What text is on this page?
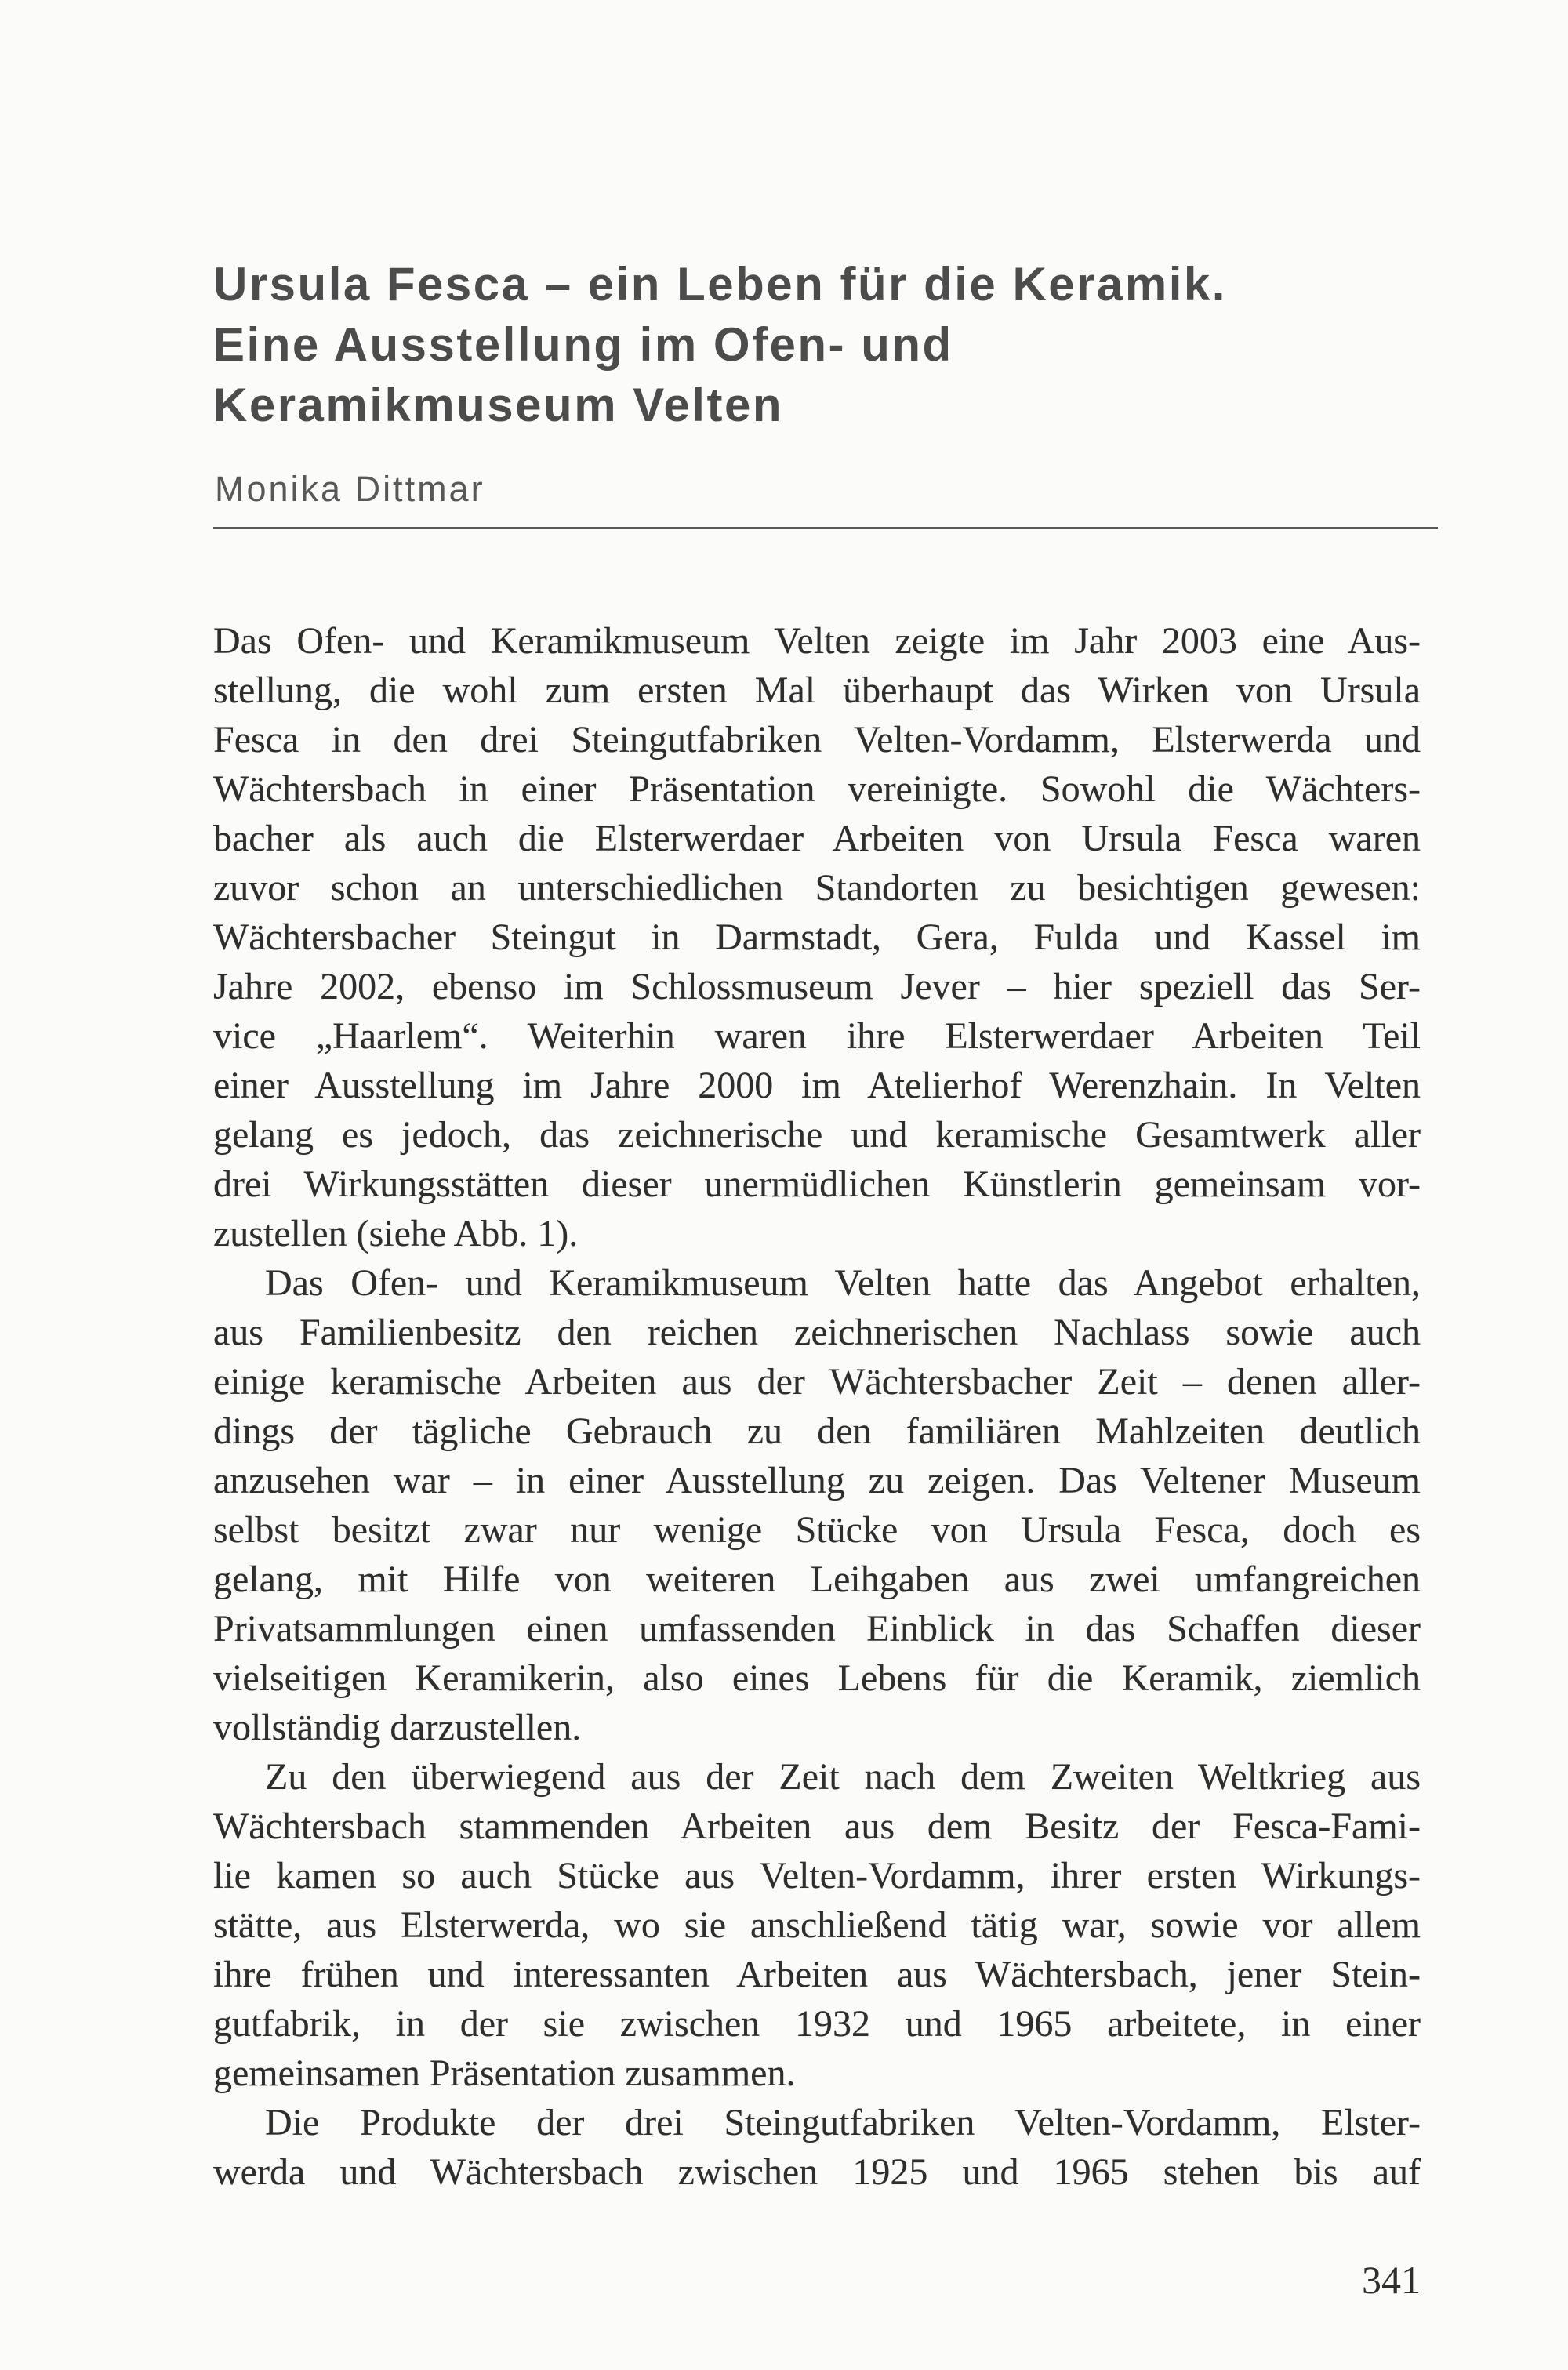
Ursula Fesca – ein Leben für die Keramik.
Eine Ausstellung im Ofen- und
Keramikmuseum Velten
Monika Dittmar
Das Ofen- und Keramikmuseum Velten zeigte im Jahr 2003 eine Aus-
stellung, die wohl zum ersten Mal überhaupt das Wirken von Ursula
Fesca in den drei Steingutfabriken Velten-Vordamm, Elsterwerda und
Wächtersbach in einer Präsentation vereinigte. Sowohl die Wächters-
bacher als auch die Elsterwerdaer Arbeiten von Ursula Fesca waren
zuvor schon an unterschiedlichen Standorten zu besichtigen gewesen:
Wächtersbacher Steingut in Darmstadt, Gera, Fulda und Kassel im
Jahre 2002, ebenso im Schlossmuseum Jever – hier speziell das Ser-
vice „Haarlem“. Weiterhin waren ihre Elsterwerdaer Arbeiten Teil
einer Ausstellung im Jahre 2000 im Atelierhof Werenzhain. In Velten
gelang es jedoch, das zeichnerische und keramische Gesamtwerk aller
drei Wirkungsstätten dieser unermüdlichen Künstlerin gemeinsam vor-
zustellen (siehe Abb. 1).
Das Ofen- und Keramikmuseum Velten hatte das Angebot erhalten,
aus Familienbesitz den reichen zeichnerischen Nachlass sowie auch
einige keramische Arbeiten aus der Wächtersbacher Zeit – denen aller-
dings der tägliche Gebrauch zu den familiären Mahlzeiten deutlich
anzusehen war – in einer Ausstellung zu zeigen. Das Veltener Museum
selbst besitzt zwar nur wenige Stücke von Ursula Fesca, doch es
gelang, mit Hilfe von weiteren Leihgaben aus zwei umfangreichen
Privatsammlungen einen umfassenden Einblick in das Schaffen dieser
vielseitigen Keramikerin, also eines Lebens für die Keramik, ziemlich
vollständig darzustellen.
Zu den überwiegend aus der Zeit nach dem Zweiten Weltkrieg aus
Wächtersbach stammenden Arbeiten aus dem Besitz der Fesca-Fami-
lie kamen so auch Stücke aus Velten-Vordamm, ihrer ersten Wirkungs-
stätte, aus Elsterwerda, wo sie anschließend tätig war, sowie vor allem
ihre frühen und interessanten Arbeiten aus Wächtersbach, jener Stein-
gutfabrik, in der sie zwischen 1932 und 1965 arbeitete, in einer
gemeinsamen Präsentation zusammen.
Die Produkte der drei Steingutfabriken Velten-Vordamm, Elster-
werda und Wächtersbach zwischen 1925 und 1965 stehen bis auf
341
